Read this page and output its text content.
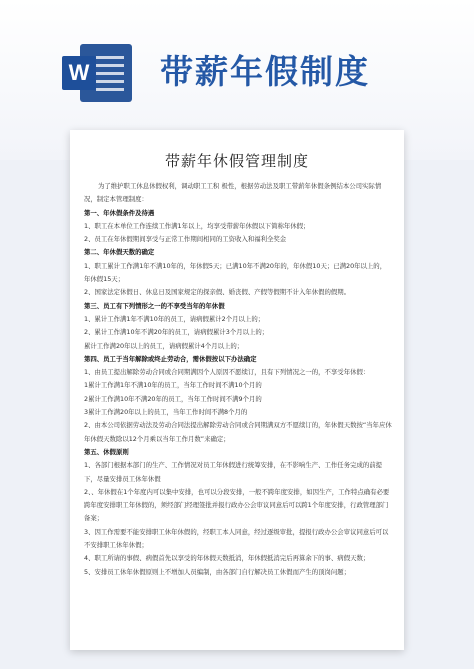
W 带薪年假制度
带薪年休假管理制度

为了维护职工休息休假权利，调动职工工积 极性，根据劳动法及职工带薪年休假条例结本公司实际情况，制定本管理制度：

第一、年休假条件及待遇

1、职工在本单位工作连续工作满1年以上，均享受带薪年休假以下简称年休假；

2、员工在年休假期间享受与正常工作期间相同的工资收入和福利全奖金

第二、年休假天数的确定

1、职工累计工作满1年不满10年的，年休假5天；已满10年不满20年的，年休假10天；已满20年以上的，年休假15天；

2、国家法定休假日、休息日及国家规定的探亲假、婚丧假、产假等假期不计入年休假的假期。

第三、员工有下列情形之一的不享受当年的年休假

1、累计工作满1年不满10年的员工，请病假累计2个月以上的；

2、累计工作满10年不满20年的员工，请病假累计3个月以上的；

累计工作满20年以上的员工，请病假累计4个月以上的；

第四、员工于当年解除或终止劳动合，需休假按以下办法确定

1、由员工提出解除劳动合同或合同期满因个人原因不愿续订，且有下列情况之一的，不享受年休假：

1累计工作满1年不满10年的员工，当年工作时间不满10个月的

2累计工作满10年不满20年的员工，当年工作时间不满9个月的

3累计工作满20年以上的员工，当年工作时间不满8个月的

2、由本公司依据劳动法及劳动合同法提出解除劳动合同或合同期满双方不愿续订的，年休假天数按“当年应休年休假天数除以12个月乘以当年工作月数”来确定；

第五、休假原则

1、各部门根据本部门的生产、工作情况对员工年休假进行统筹安排，在不影响生产、工作任务完成的前提下，尽量安排员工休年休假

2、、年休假在1个年度内可以集中安排，也可以分段安排，一般不跨年度安排，如因生产，工作特点确有必要跨年度安排职工年休假的，须经部门经理签批并报行政办公会审议同意后可以跨1个年度安排，行政管理部门备案；

3、因工作需要不能安排职工休年休假的，经职工本人同意，经过逐级审批，提报行政办公会审议同意后可以不安排职工休年休假；

4、职工所请的事假、病假首先以享受的年休假天数抵消，年休假抵消完后再算余下的事、病假天数；

5、安排员工休年休假原则上不增加人员编制，由各部门自行解决员工休假而产生的顶岗问题；
